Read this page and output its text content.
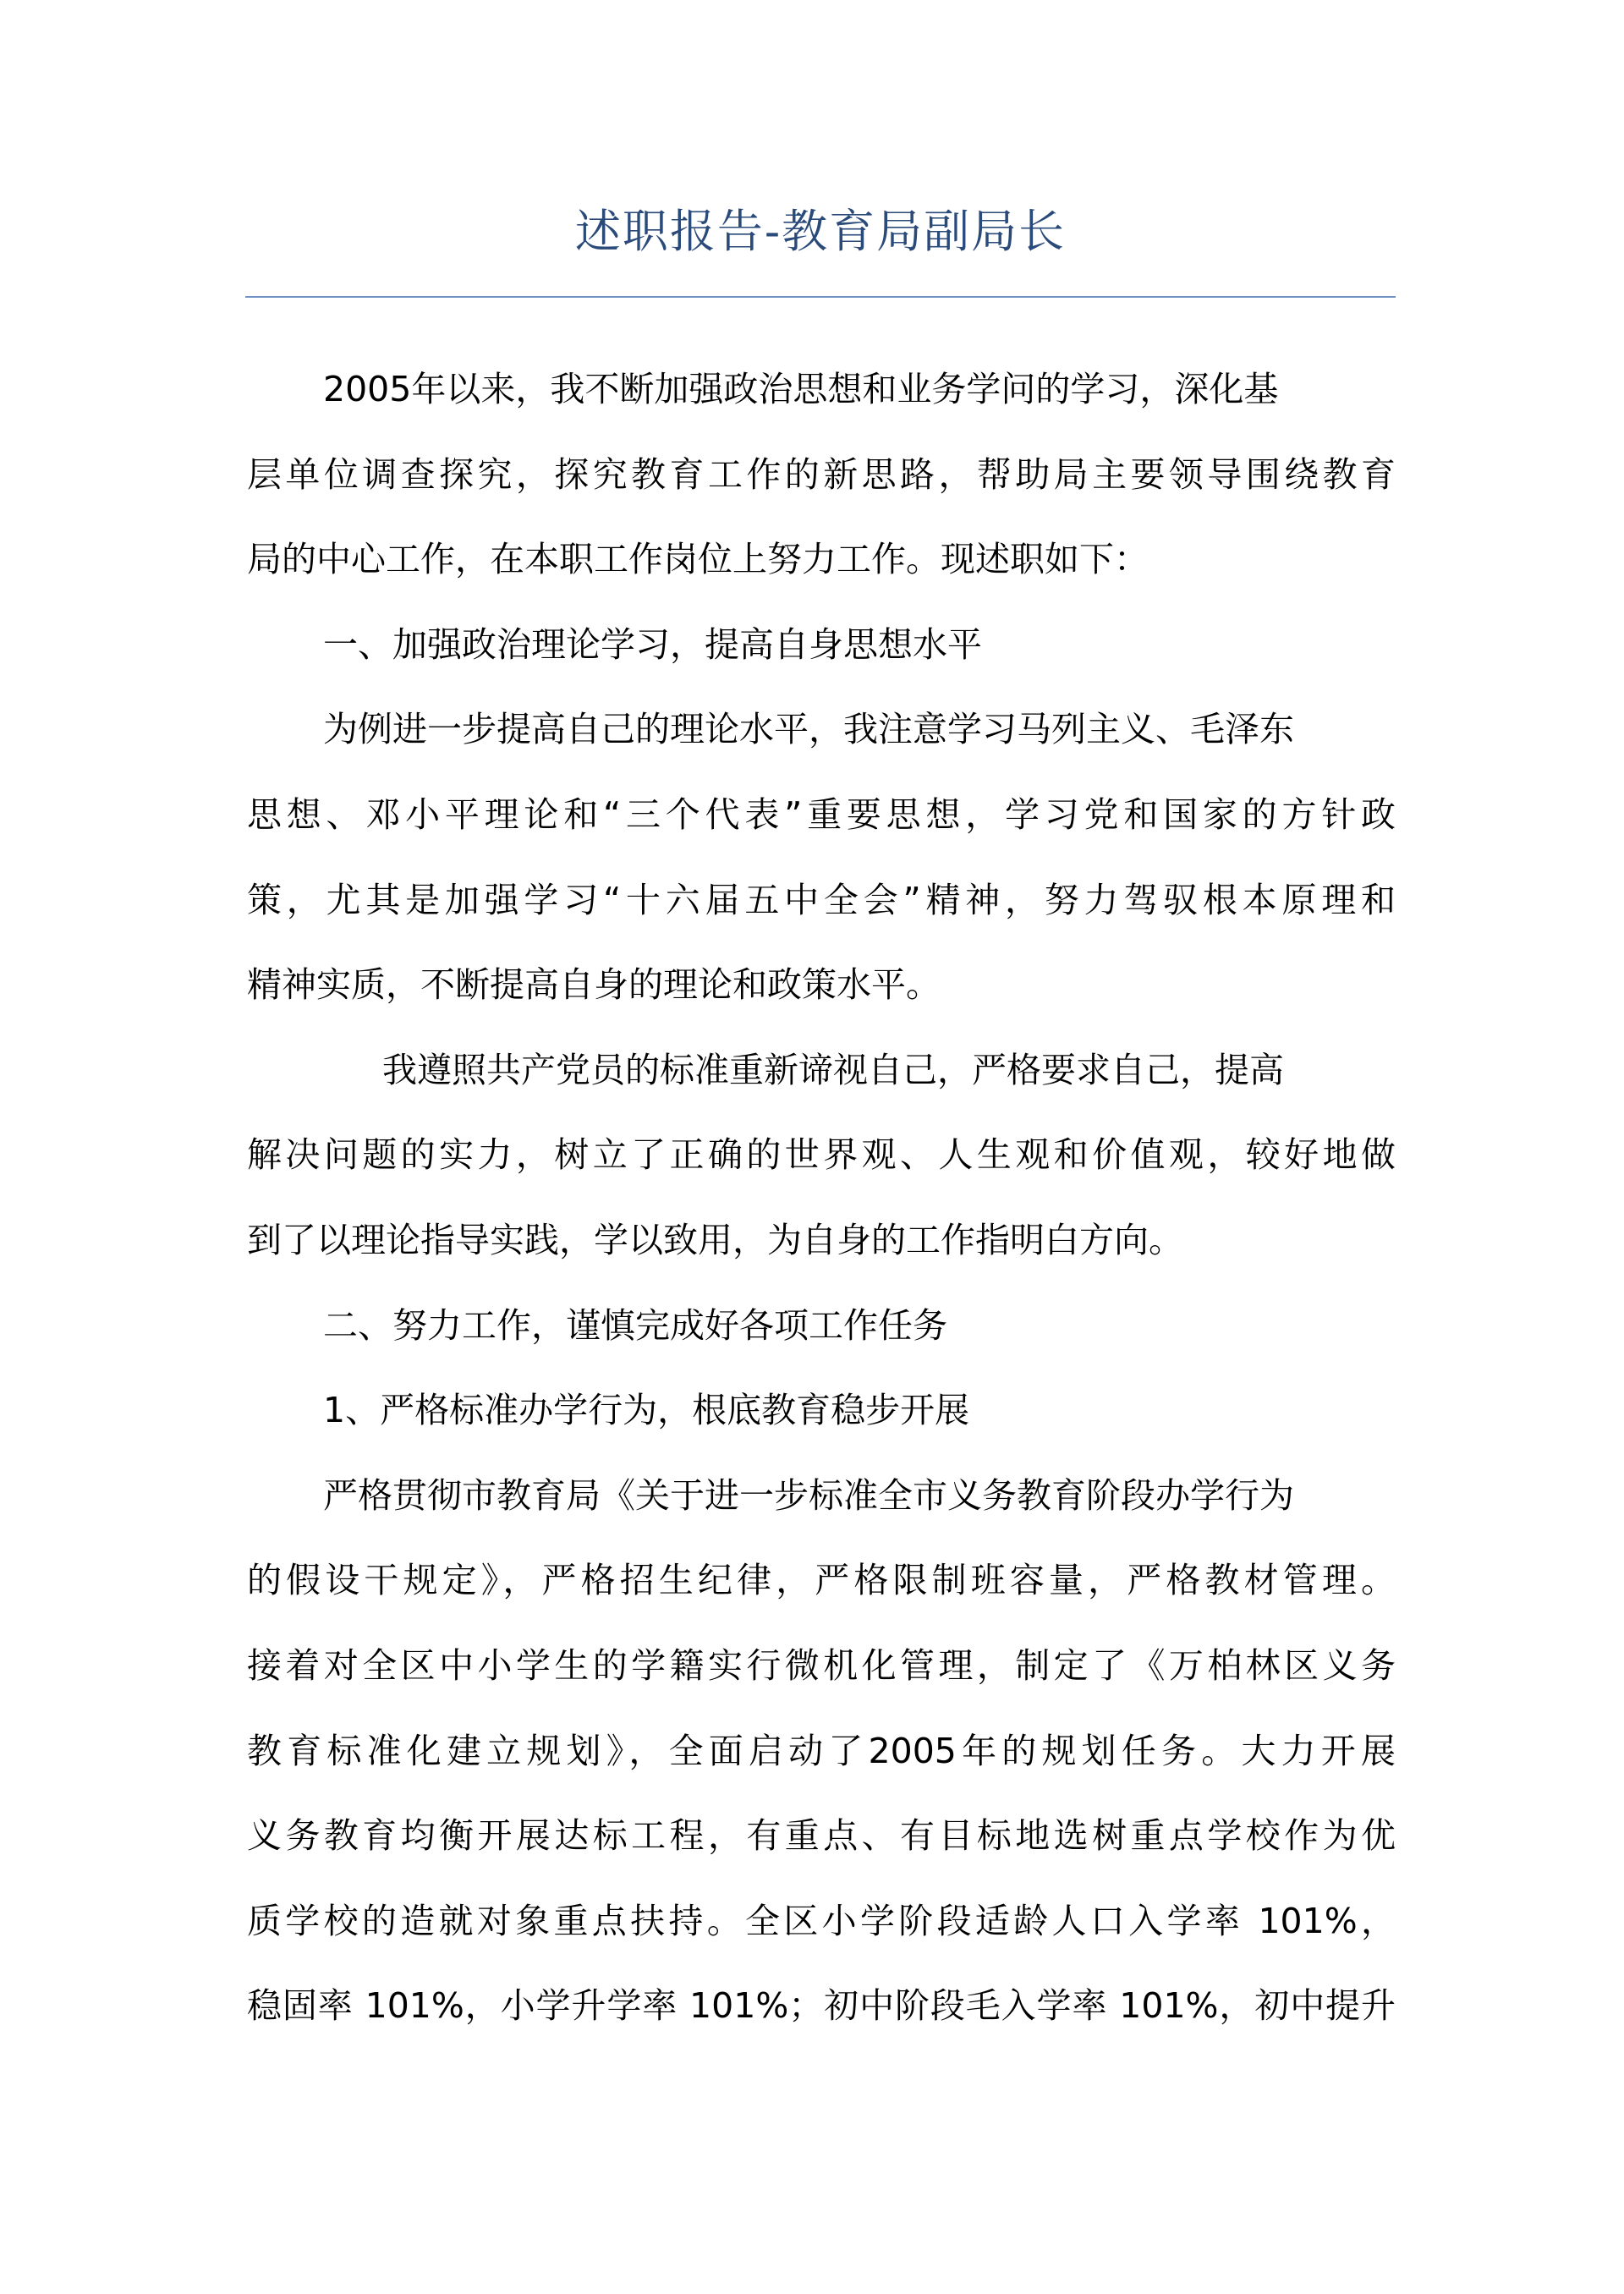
述职报告-教育局副局长
2005年以来，我不断加强政治思想和业务学问的学习，深化基
层单位调查探究，探究教育工作的新思路，帮助局主要领导围绕教育
局的中心工作，在本职工作岗位上努力工作。现述职如下：
一、加强政治理论学习，提高自身思想水平
为例进一步提高自己的理论水平，我注意学习马列主义、毛泽东
思想、邓小平理论和“三个代表”重要思想，学习党和国家的方针政
策，尤其是加强学习“十六届五中全会”精神，努力驾驭根本原理和
精神实质，不断提高自身的理论和政策水平。
我遵照共产党员的标准重新谛视自己，严格要求自己，提高
解决问题的实力，树立了正确的世界观、人生观和价值观，较好地做
到了以理论指导实践，学以致用，为自身的工作指明白方向。
二、努力工作，谨慎完成好各项工作任务
1、严格标准办学行为，根底教育稳步开展
严格贯彻市教育局《关于进一步标准全市义务教育阶段办学行为
的假设干规定》，严格招生纪律，严格限制班容量，严格教材管理。
接着对全区中小学生的学籍实行微机化管理，制定了《万柏林区义务
教育标准化建立规划》，全面启动了2005年的规划任务。大力开展
义务教育均衡开展达标工程，有重点、有目标地选树重点学校作为优
质学校的造就对象重点扶持。全区小学阶段适龄人口入学率 101%，
稳固率 101%，小学升学率 101%；初中阶段毛入学率 101%，初中提升
